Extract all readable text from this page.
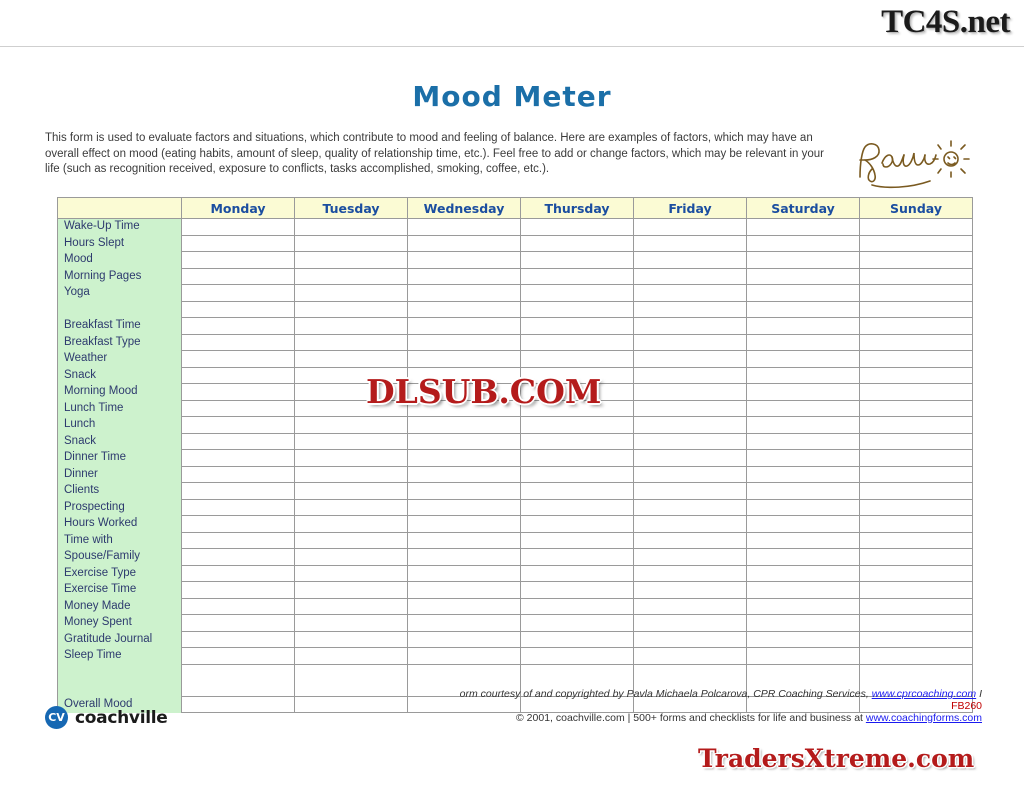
TC4S.net
Mood Meter
This form is used to evaluate factors and situations, which contribute to mood and feeling of balance. Here are examples of factors, which may have an overall effect on mood (eating habits, amount of sleep, quality of relationship time, etc.). Feel free to add or change factors, which may be relevant in your life (such as recognition received, exposure to conflicts, tasks accomplished, smoking, coffee, etc.).
	Monday	Tuesday	Wednesday	Thursday	Friday	Saturday	Sunday
Wake-Up Time							
Hours Slept							
Mood							
Morning Pages							
Yoga							

Breakfast Time							
Breakfast Type							
Weather							
Snack							
Morning Mood							
Lunch Time							
Lunch							
Snack							
Dinner Time							
Dinner							
Clients							
Prospecting							
Hours Worked							
Time with							
Spouse/Family							
Exercise Type							
Exercise Time							
Money Made							
Money Spent							
Gratitude Journal							
Sleep Time							

Overall Mood							
DLSUB.COM
orm courtesy of and copyrighted by Pavla Michaela Polcarova, CPR Coaching Services, www.cprcoaching.com I FB260
© 2001, coachville.com | 500+ forms and checklists for life and business at www.coachingforms.com
CV coachville
TradersXtreme.com
